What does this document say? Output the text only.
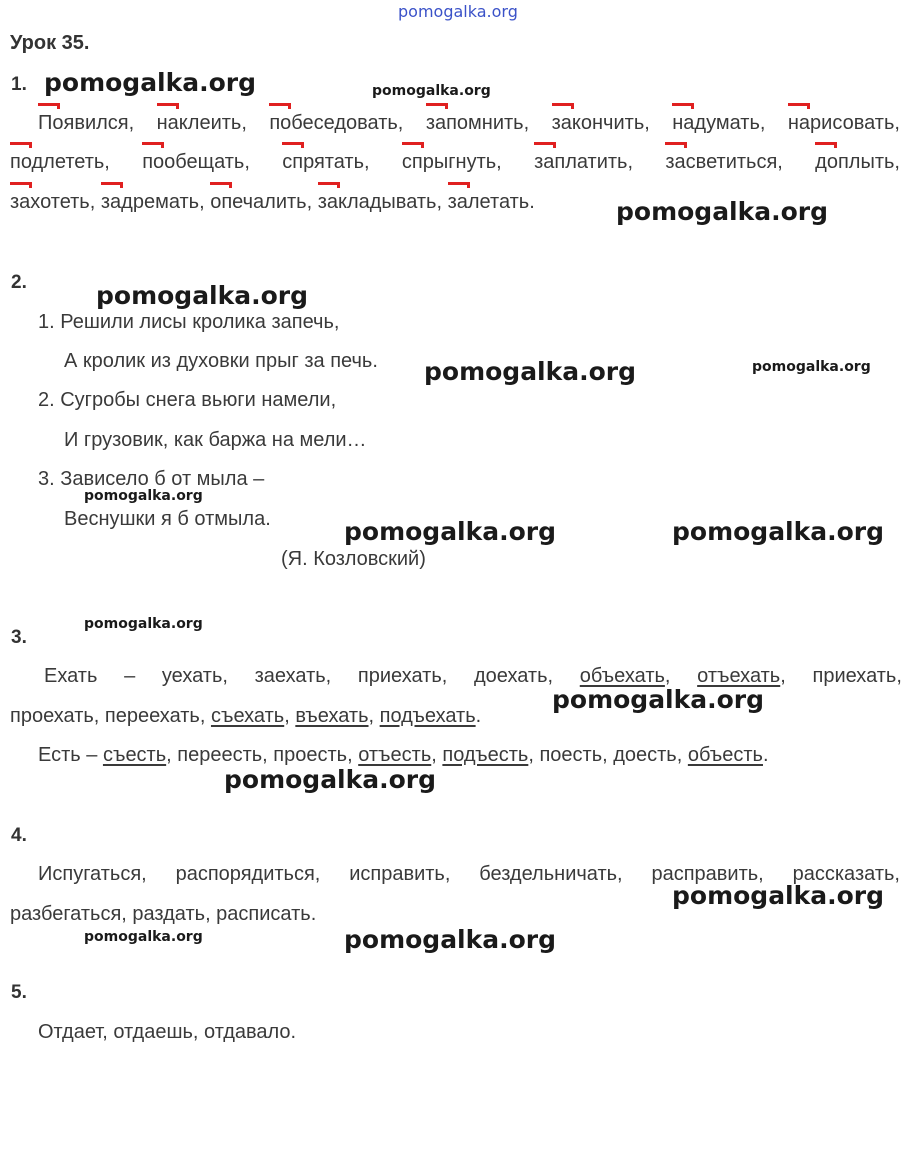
pomogalka.org
Урок 35.
1.
Появился, наклеить, побеседовать, запомнить, закончить, надумать, нарисовать,
подлететь, пообещать, спрятать, спрыгнуть, заплатить, засветиться, доплыть,
захотеть, задремать, опечалить, закладывать, залетать.
2.
1. Решили лисы кролика запечь,
А кролик из духовки прыг за печь.
2. Сугробы снега вьюги намели,
И грузовик, как баржа на мели…
3. Зависело б от мыла –
Веснушки я б отмыла.
(Я. Козловский)
3.
Ехать – уехать, заехать, приехать, доехать, объехать, отъехать, приехать,
проехать, переехать, съехать, въехать, подъехать.
Есть – съесть, переесть, проесть, отъесть, подъесть, поесть, доесть, объесть.
4.
Испугаться, распорядиться, исправить, бездельничать, расправить, рассказать,
разбегаться, раздать, расписать.
5.
Отдает, отдаешь, отдавало.
pomogalka.org	pomogalka.org
pomogalka.org
pomogalka.org
pomogalka.org	pomogalka.org
pomogalka.org
pomogalka.org	pomogalka.org
pomogalka.org
pomogalka.org
pomogalka.org
pomogalka.org
pomogalka.org	pomogalka.org
